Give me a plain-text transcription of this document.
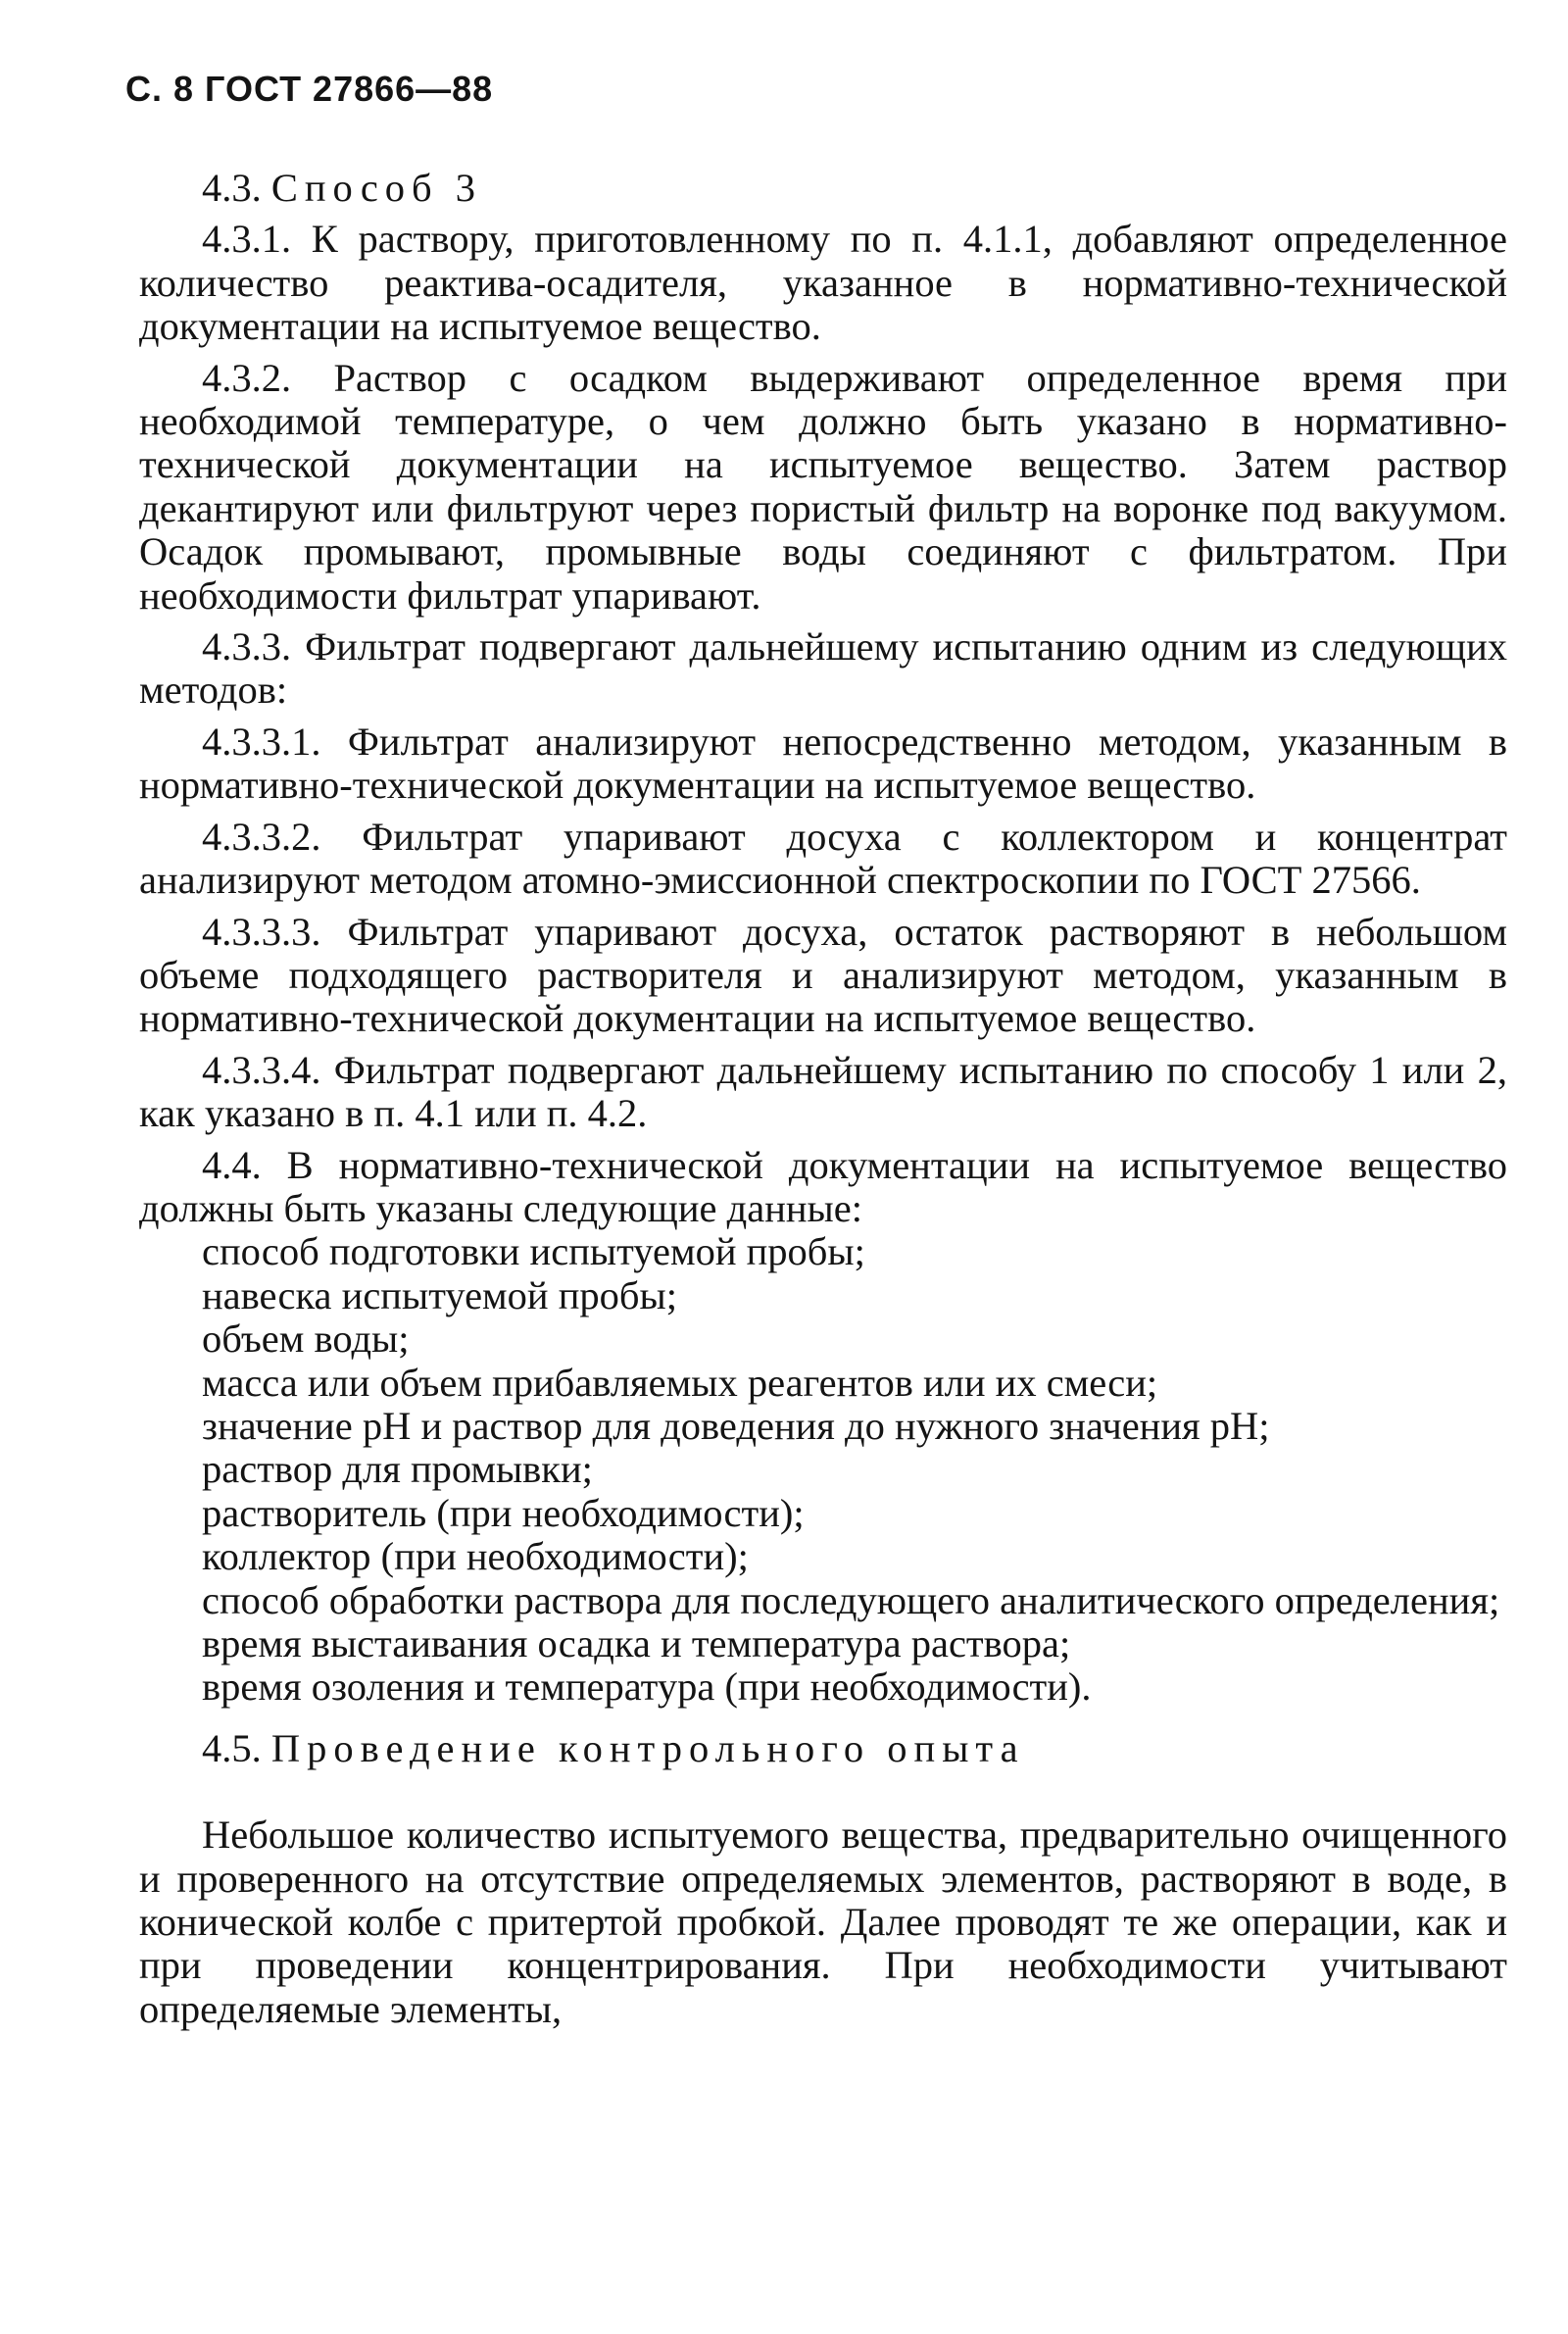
С. 8 ГОСТ 27866—88

4.3. Способ 3

4.3.1. К раствору, приготовленному по п. 4.1.1, добавляют определенное количество реактива-осадителя, указанное в нормативно-технической документации на испытуемое вещество.

4.3.2. Раствор с осадком выдерживают определенное время при необходимой температуре, о чем должно быть указано в нормативно-технической документации на испытуемое вещество. Затем раствор декантируют или фильтруют через пористый фильтр на воронке под вакуумом. Осадок промывают, промывные воды соединяют с фильтратом. При необходимости фильтрат упаривают.

4.3.3. Фильтрат подвергают дальнейшему испытанию одним из следующих методов:

4.3.3.1. Фильтрат анализируют непосредственно методом, указанным в нормативно-технической документации на испытуемое вещество.

4.3.3.2. Фильтрат упаривают досуха с коллектором и концентрат анализируют методом атомно-эмиссионной спектроскопии по ГОСТ 27566.

4.3.3.3. Фильтрат упаривают досуха, остаток растворяют в небольшом объеме подходящего растворителя и анализируют методом, указанным в нормативно-технической документации на испытуемое вещество.

4.3.3.4. Фильтрат подвергают дальнейшему испытанию по способу 1 или 2, как указано в п. 4.1 или п. 4.2.

4.4. В нормативно-технической документации на испытуемое вещество должны быть указаны следующие данные:

способ подготовки испытуемой пробы;

навеска испытуемой пробы;

объем воды;

масса или объем прибавляемых реагентов или их смеси;

значение рН и раствор для доведения до нужного значения рН;

раствор для промывки;

растворитель (при необходимости);

коллектор (при необходимости);

способ обработки раствора для последующего аналитического определения;

время выстаивания осадка и температура раствора;

время озоления и температура (при необходимости).

4.5. Проведение контрольного опыта

Небольшое количество испытуемого вещества, предварительно очищенного и проверенного на отсутствие определяемых элементов, растворяют в воде, в конической колбе с притертой пробкой. Далее проводят те же операции, как и при проведении концентрирования. При необходимости учитывают определяемые элементы,
